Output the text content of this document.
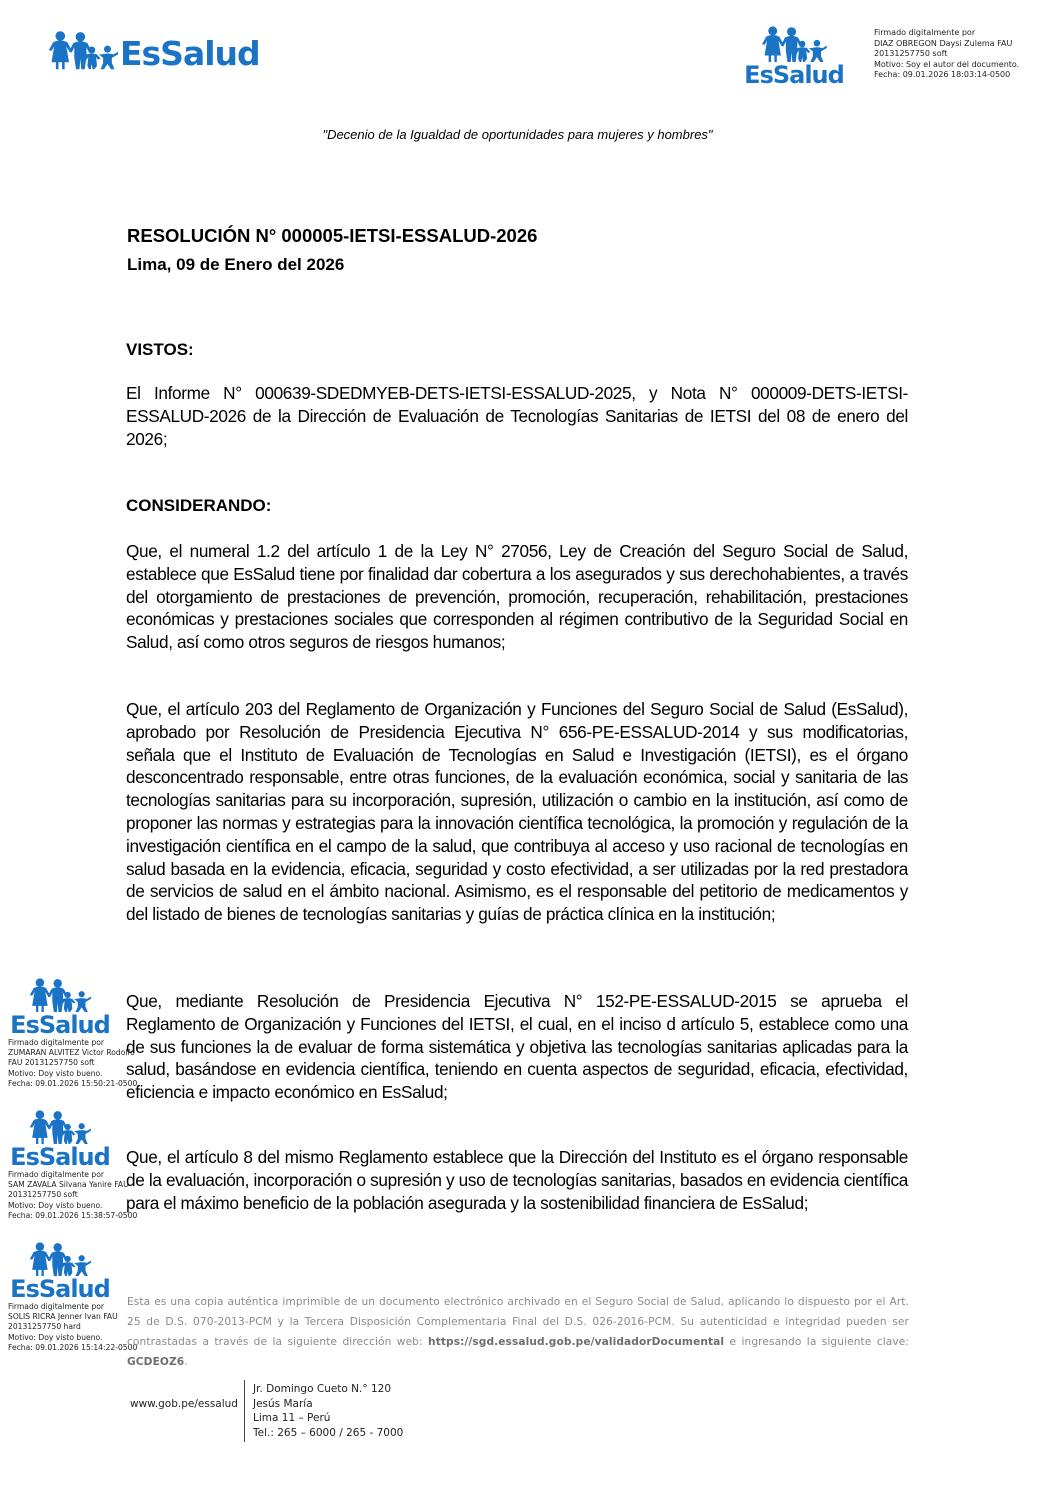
EsSalud
EsSalud
Firmado digitalmente por
DIAZ OBREGON Daysi Zulema FAU
20131257750 soft
Motivo: Soy el autor del documento.
Fecha: 09.01.2026 18:03:14-0500
"Decenio de la Igualdad de oportunidades para mujeres y hombres"
RESOLUCIÓN N° 000005-IETSI-ESSALUD-2026
Lima, 09 de Enero del 2026
VISTOS:
El Informe N° 000639-SDEDMYEB-DETS-IETSI-ESSALUD-2025, y Nota N° 000009-DETS-IETSI-ESSALUD-2026 de la Dirección de Evaluación de Tecnologías Sanitarias de IETSI del 08 de enero del 2026;
CONSIDERANDO:
Que, el numeral 1.2 del artículo 1 de la Ley N° 27056, Ley de Creación del Seguro Social de Salud, establece que EsSalud tiene por finalidad dar cobertura a los asegurados y sus derechohabientes, a través del otorgamiento de prestaciones de prevención, promoción, recuperación, rehabilitación, prestaciones económicas y prestaciones sociales que corresponden al régimen contributivo de la Seguridad Social en Salud, así como otros seguros de riesgos humanos;
Que, el artículo 203 del Reglamento de Organización y Funciones del Seguro Social de Salud (EsSalud), aprobado por Resolución de Presidencia Ejecutiva N° 656-PE-ESSALUD-2014 y sus modificatorias, señala que el Instituto de Evaluación de Tecnologías en Salud e Investigación (IETSI), es el órgano desconcentrado responsable, entre otras funciones, de la evaluación económica, social y sanitaria de las tecnologías sanitarias para su incorporación, supresión, utilización o cambio en la institución, así como de proponer las normas y estrategias para la innovación científica tecnológica, la promoción y regulación de la investigación científica en el campo de la salud, que contribuya al acceso y uso racional de tecnologías en salud basada en la evidencia, eficacia, seguridad y costo efectividad, a ser utilizadas por la red prestadora de servicios de salud en el ámbito nacional. Asimismo, es el responsable del petitorio de medicamentos y del listado de bienes de tecnologías sanitarias y guías de práctica clínica en la institución;
Que, mediante Resolución de Presidencia Ejecutiva N° 152-PE-ESSALUD-2015 se aprueba el Reglamento de Organización y Funciones del IETSI, el cual, en el inciso d artículo 5, establece como una de sus funciones la de evaluar de forma sistemática y objetiva las tecnologías sanitarias aplicadas para la salud, basándose en evidencia científica, teniendo en cuenta aspectos de seguridad, eficacia, efectividad, eficiencia e impacto económico en EsSalud;
Que, el artículo 8 del mismo Reglamento establece que la Dirección del Instituto es el órgano responsable de la evaluación, incorporación o supresión y uso de tecnologías sanitarias, basados en evidencia científica para el máximo beneficio de la población asegurada y la sostenibilidad financiera de EsSalud;
EsSalud
Firmado digitalmente por
ZUMARAN ALVITEZ Victor Rodolfo
FAU 20131257750 soft
Motivo: Doy visto bueno.
Fecha: 09.01.2026 15:50:21-0500
EsSalud
Firmado digitalmente por
SAM ZAVALA Silvana Yanire FAU
20131257750 soft
Motivo: Doy visto bueno.
Fecha: 09.01.2026 15:38:57-0500
EsSalud
Firmado digitalmente por
SOLIS RICRA Jenner Ivan FAU
20131257750 hard
Motivo: Doy visto bueno.
Fecha: 09.01.2026 15:14:22-0500
Esta es una copia auténtica imprimible de un documento electrónico archivado en el Seguro Social de Salud, aplicando lo dispuesto por el Art. 25 de D.S. 070-2013-PCM y la Tercera Disposición Complementaria Final del D.S. 026-2016-PCM. Su autenticidad e integridad pueden ser contrastadas a través de la siguiente dirección web: https://sgd.essalud.gob.pe/validadorDocumental e ingresando la siguiente clave: GCDEOZ6.
www.gob.pe/essalud
Jr. Domingo Cueto N.° 120
Jesús María
Lima 11 – Perú
Tel.: 265 – 6000 / 265 - 7000
